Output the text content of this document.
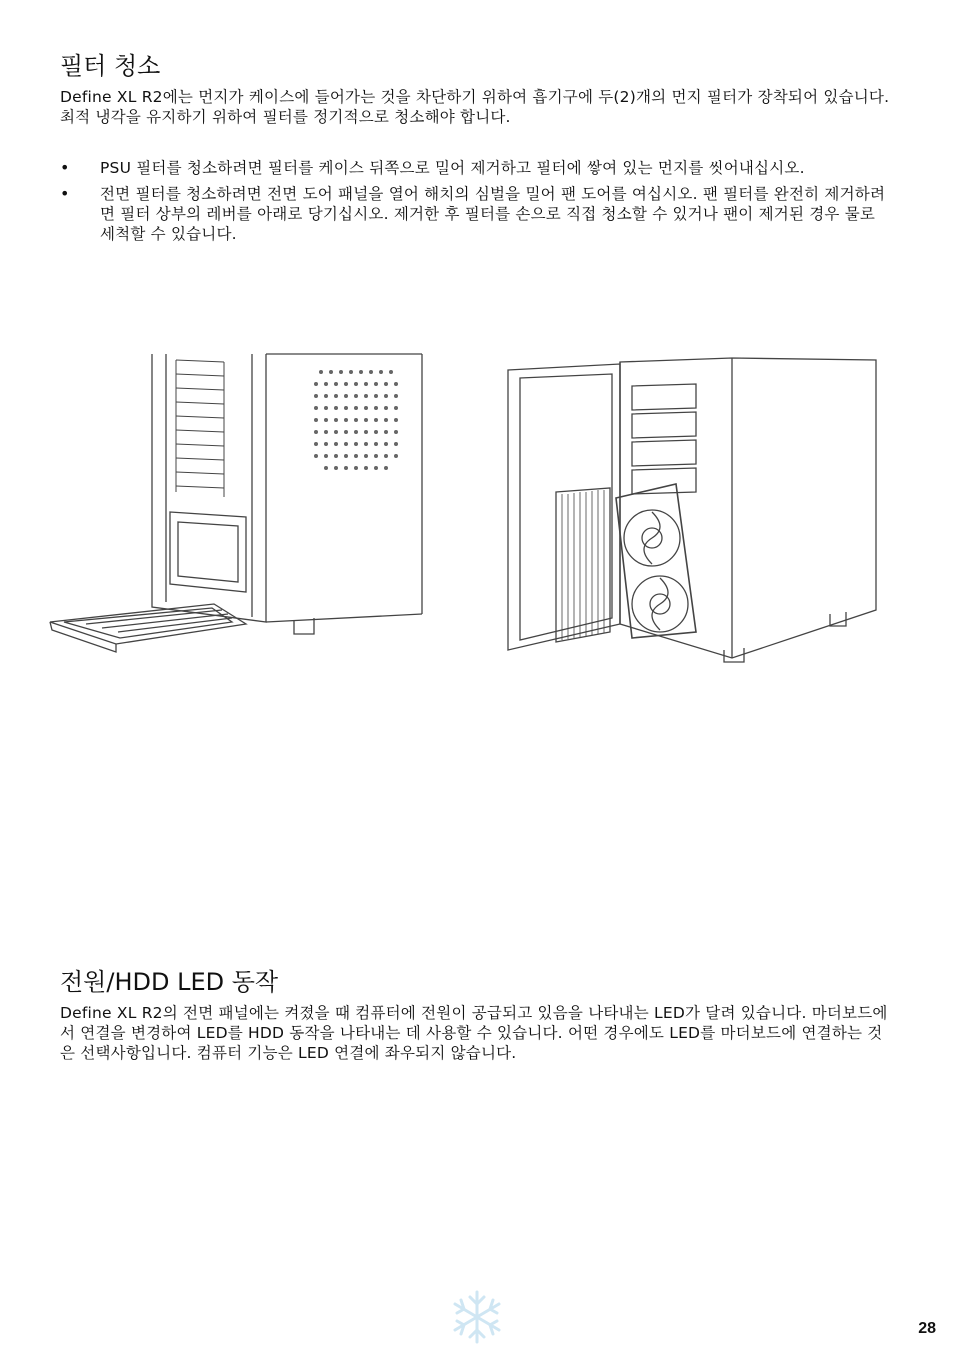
필터 청소

Define XL R2에는 먼지가 케이스에 들어가는 것을 차단하기 위하여 흡기구에 두(2)개의 먼지 필터가 장착되어 있습니다. 최적 냉각을 유지하기 위하여 필터를 정기적으로 청소해야 합니다.

•	PSU 필터를 청소하려면 필터를 케이스 뒤쪽으로 밀어 제거하고 필터에 쌓여 있는 먼지를 씻어내십시오.
•	전면 필터를 청소하려면 전면 도어 패널을 열어 해치의 심벌을 밀어 팬 도어를 여십시오. 팬 필터를 완전히 제거하려면 필터 상부의 레버를 아래로 당기십시오. 제거한 후 필터를 손으로 직접 청소할 수 있거나 팬이 제거된 경우 물로 세척할 수 있습니다.
전원/HDD LED 동작

Define XL R2의 전면 패널에는 켜졌을 때 컴퓨터에 전원이 공급되고 있음을 나타내는 LED가 달려 있습니다. 마더보드에서 연결을 변경하여 LED를 HDD 동작을 나타내는 데 사용할 수 있습니다. 어떤 경우에도 LED를 마더보드에 연결하는 것은 선택사항입니다. 컴퓨터 기능은 LED 연결에 좌우되지 않습니다.

28
